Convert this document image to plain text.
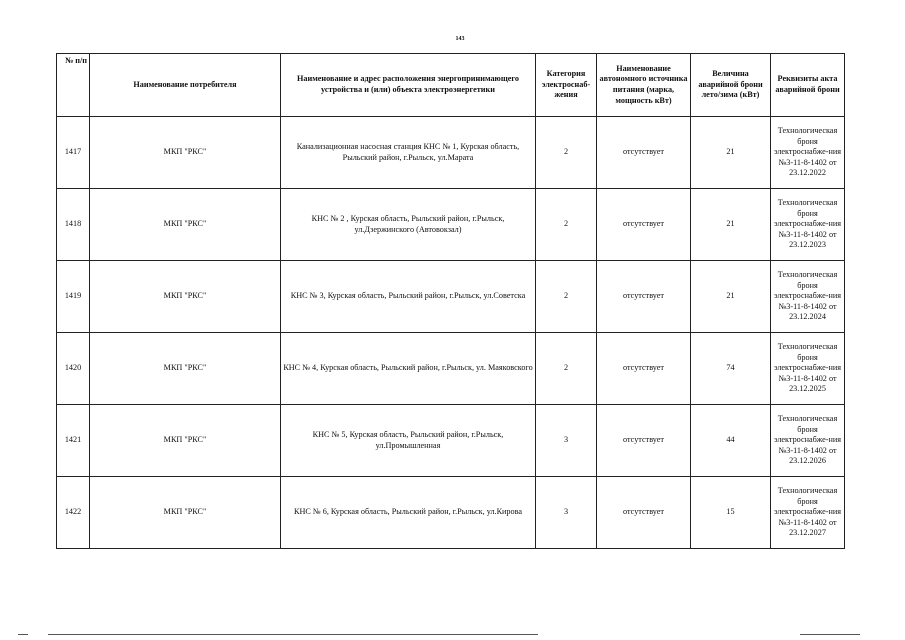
143
№ п/п	Наименование потребителя	Наименование и адрес расположения энергопринимающего устройства и (или) объекта электроэнергетики	Категория электроснаб-жения	Наименование автономного источника питания (марка, мощность кВт)	Величина аварийной брони лето/зима (кВт)	Реквизиты акта аварийной брони
1417	МКП "РКС"	Канализационная насосная станция КНС № 1, Курская область, Рыльский район, г.Рыльск, ул.Марата	2	отсутствует	21	Технологическая броня электроснабже-ния №3-11-8-1402 от 23.12.2022
1418	МКП "РКС"	КНС № 2 , Курская область, Рыльский район, г.Рыльск, ул.Дзержинского (Автовокзал)	2	отсутствует	21	Технологическая броня электроснабже-ния №3-11-8-1402 от 23.12.2023
1419	МКП "РКС"	КНС № 3, Курская область, Рыльский район, г.Рыльск, ул.Советска	2	отсутствует	21	Технологическая броня электроснабже-ния №3-11-8-1402 от 23.12.2024
1420	МКП "РКС"	КНС № 4, Курская область, Рыльский район, г.Рыльск, ул. Маяковского	2	отсутствует	74	Технологическая броня электроснабже-ния №3-11-8-1402 от 23.12.2025
1421	МКП "РКС"	КНС № 5, Курская область, Рыльский район, г.Рыльск, ул.Промышленная	3	отсутствует	44	Технологическая броня электроснабже-ния №3-11-8-1402 от 23.12.2026
1422	МКП "РКС"	КНС № 6, Курская область, Рыльский район, г.Рыльск, ул.Кирова	3	отсутствует	15	Технологическая броня электроснабже-ния №3-11-8-1402 от 23.12.2027
